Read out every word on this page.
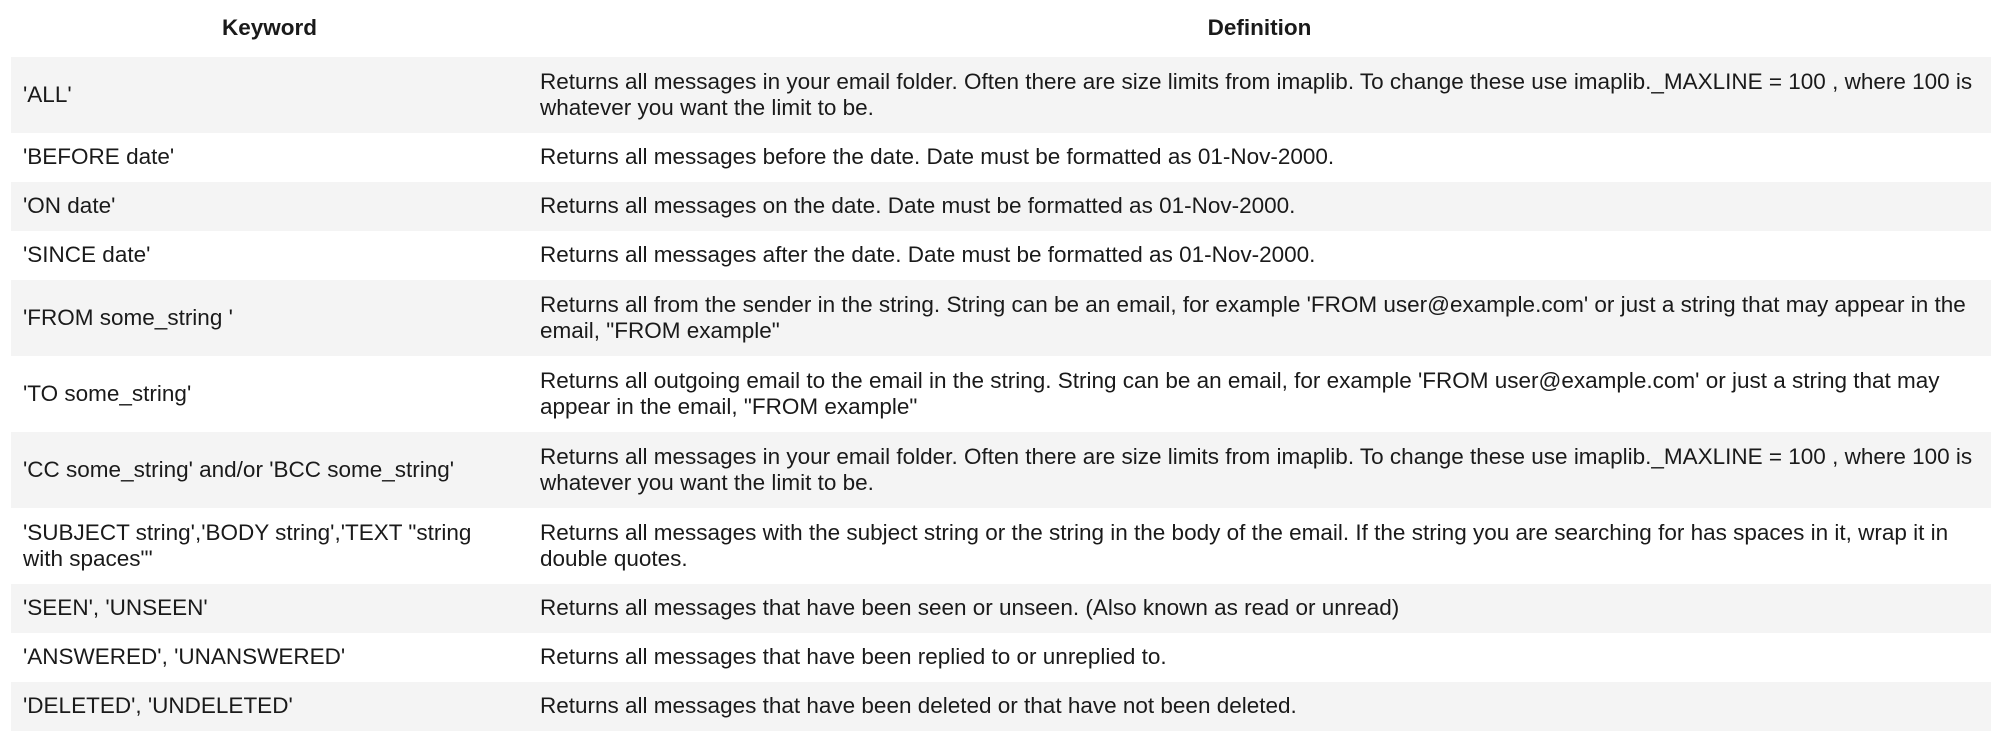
Keyword	Definition
'ALL'	Returns all messages in your email folder. Often there are size limits from imaplib. To change these use imaplib._MAXLINE = 100 , where 100 is whatever you want the limit to be.
'BEFORE date'	Returns all messages before the date. Date must be formatted as 01-Nov-2000.
'ON date'	Returns all messages on the date. Date must be formatted as 01-Nov-2000.
'SINCE date'	Returns all messages after the date. Date must be formatted as 01-Nov-2000.
'FROM some_string '	Returns all from the sender in the string. String can be an email, for example 'FROM user@example.com' or just a string that may appear in the email, "FROM example"
'TO some_string'	Returns all outgoing email to the email in the string. String can be an email, for example 'FROM user@example.com' or just a string that may appear in the email, "FROM example"
'CC some_string' and/or 'BCC some_string'	Returns all messages in your email folder. Often there are size limits from imaplib. To change these use imaplib._MAXLINE = 100 , where 100 is whatever you want the limit to be.
'SUBJECT string','BODY string','TEXT "string with spaces"'	Returns all messages with the subject string or the string in the body of the email. If the string you are searching for has spaces in it, wrap it in double quotes.
'SEEN', 'UNSEEN'	Returns all messages that have been seen or unseen. (Also known as read or unread)
'ANSWERED', 'UNANSWERED'	Returns all messages that have been replied to or unreplied to.
'DELETED', 'UNDELETED'	Returns all messages that have been deleted or that have not been deleted.
